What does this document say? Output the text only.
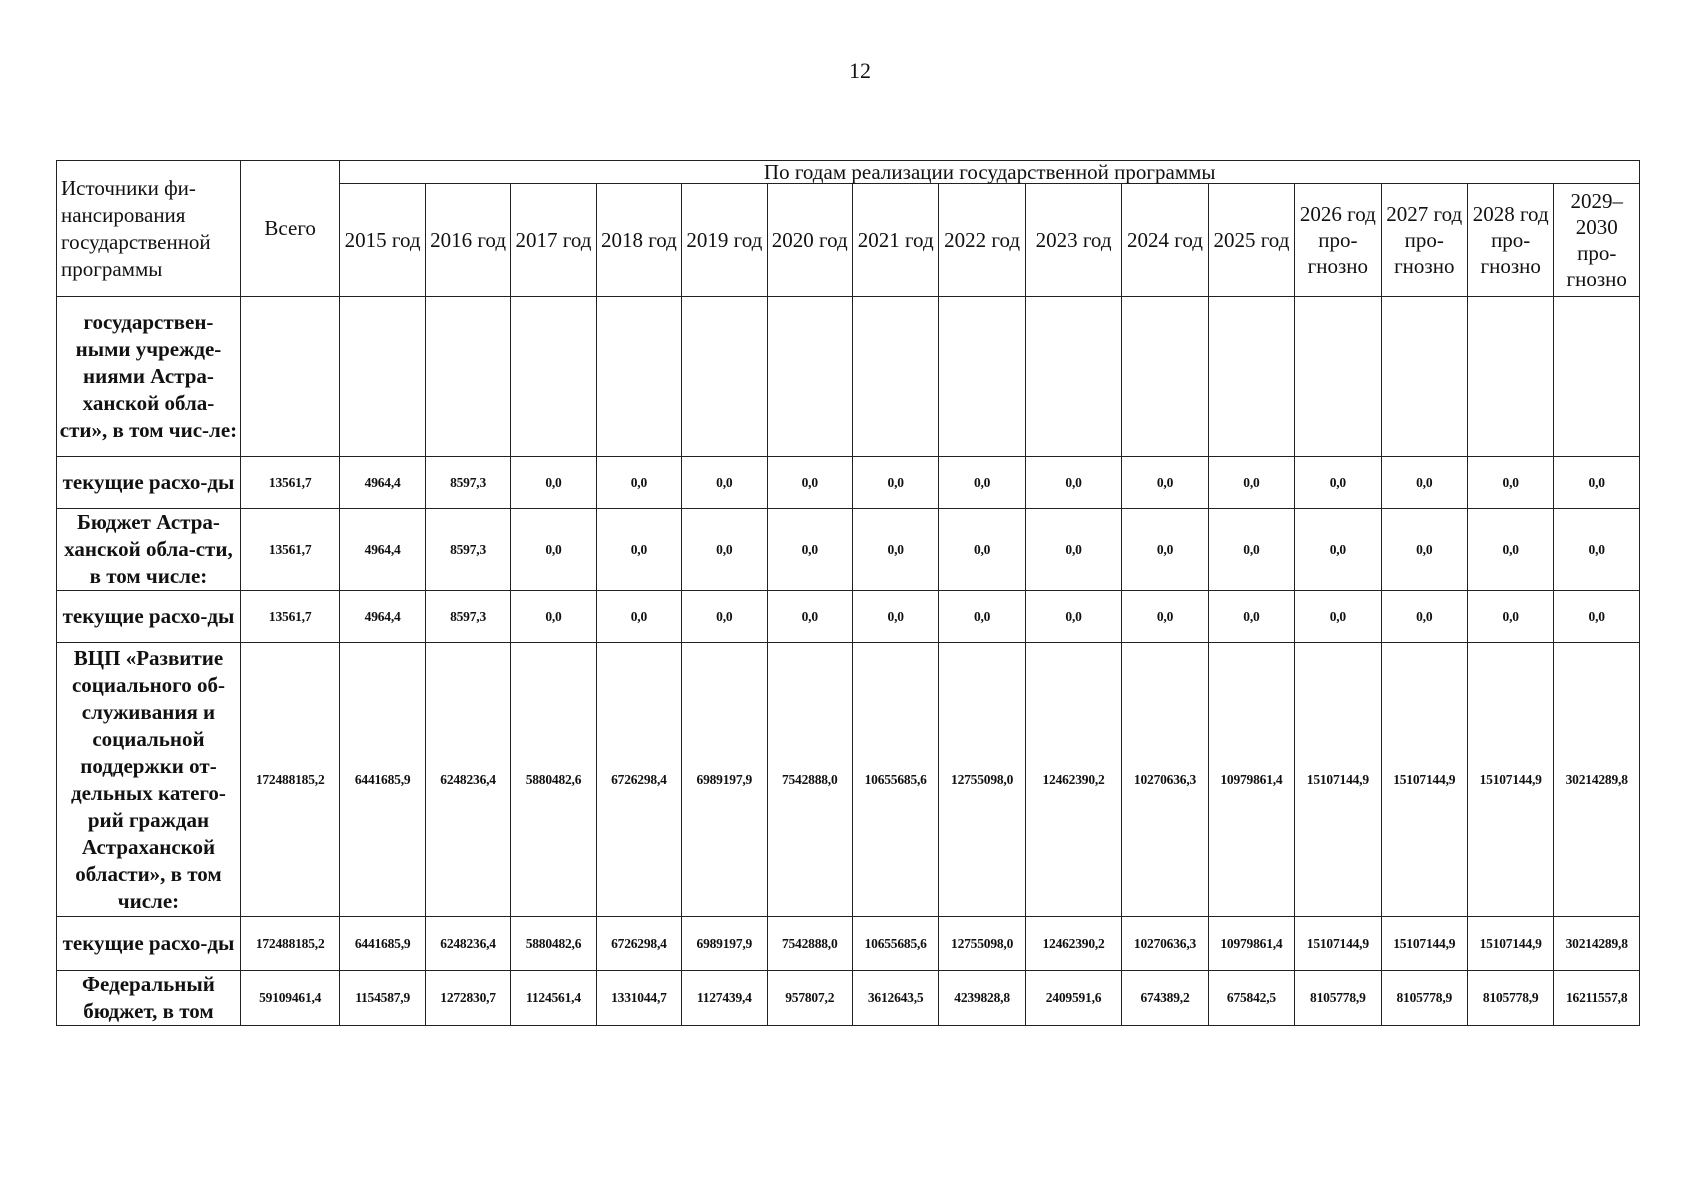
12
Источники фи-нансирования государственной программы	Всего	По годам реализации государственной программы														
		2015 год	2016 год	2017 год	2018 год	2019 год	2020 год	2021 год	2022 год	2023 год	2024 год	2025 год	2026 год про-гнозно	2027 год про-гнозно	2028 год про-гнозно	2029–2030 про-гнозно
государствен-ными учрежде-ниями Астра-ханской обла-сти», в том чис-ле:																
текущие расхо-ды	13561,7	4964,4	8597,3	0,0	0,0	0,0	0,0	0,0	0,0	0,0	0,0	0,0	0,0	0,0	0,0	0,0
Бюджет Астра-ханской обла-сти, в том числе:	13561,7	4964,4	8597,3	0,0	0,0	0,0	0,0	0,0	0,0	0,0	0,0	0,0	0,0	0,0	0,0	0,0
текущие расхо-ды	13561,7	4964,4	8597,3	0,0	0,0	0,0	0,0	0,0	0,0	0,0	0,0	0,0	0,0	0,0	0,0	0,0
ВЦП «Развитие социального об-служивания и социальной поддержки от-дельных катего-рий граждан Астраханской области», в том числе:	172488185,2	6441685,9	6248236,4	5880482,6	6726298,4	6989197,9	7542888,0	10655685,6	12755098,0	12462390,2	10270636,3	10979861,4	15107144,9	15107144,9	15107144,9	30214289,8
текущие расхо-ды	172488185,2	6441685,9	6248236,4	5880482,6	6726298,4	6989197,9	7542888,0	10655685,6	12755098,0	12462390,2	10270636,3	10979861,4	15107144,9	15107144,9	15107144,9	30214289,8
Федеральный бюджет, в том	59109461,4	1154587,9	1272830,7	1124561,4	1331044,7	1127439,4	957807,2	3612643,5	4239828,8	2409591,6	674389,2	675842,5	8105778,9	8105778,9	8105778,9	16211557,8
